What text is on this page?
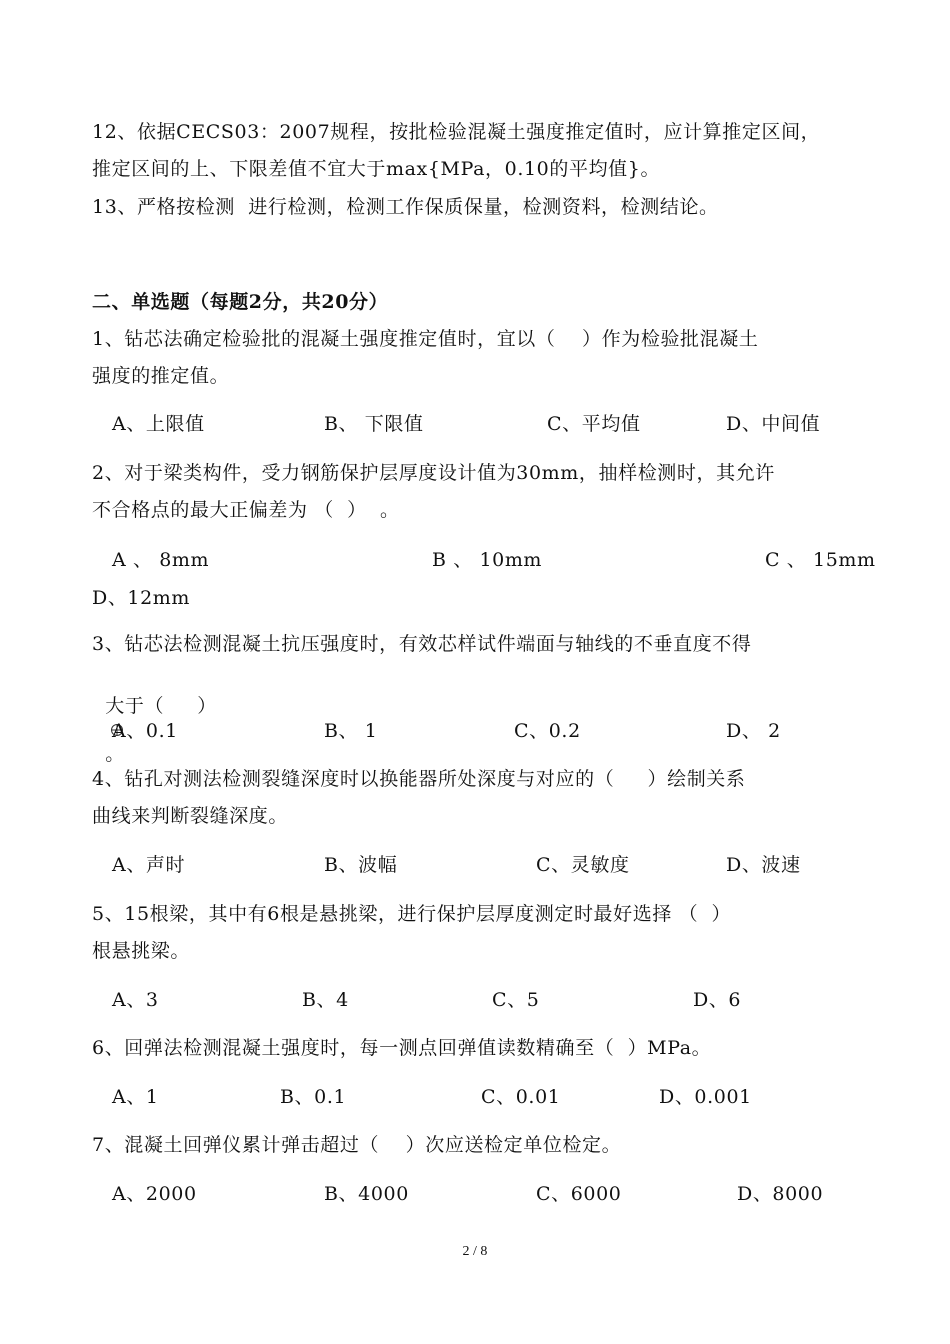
12、依据CECS03：2007规程，按批检验混凝土强度推定值时，应计算推定区间，
推定区间的上、下限差值不宜大于max{MPa，0.10的平均值}。
13、严格按检测  进行检测，检测工作保质保量，检测资料，检测结论。
二、单选题（每题2分，共20分）
1、钻芯法确定检验批的混凝土强度推定值时，宜以（    ）作为检验批混凝土
强度的推定值。
A、上限值	B、 下限值	C、平均值	D、中间值
2、对于梁类构件，受力钢筋保护层厚度设计值为30mm，抽样检测时，其允许
不合格点的最大正偏差为 （  ）  。
A 、 8mm	B 、 10mm	C 、 15mm
D、12mm
3、钻芯法检测混凝土抗压强度时，有效芯样试件端面与轴线的不垂直度不得

大于（     ）

。

A、0.1	B、 1	C、0.2	D、 2
4、钻孔对测法检测裂缝深度时以换能器所处深度与对应的（     ）绘制关系
曲线来判断裂缝深度。
A、声时	B、波幅	C、灵敏度	D、波速
5、15根梁，其中有6根是悬挑梁，进行保护层厚度测定时最好选择 （  ）
根悬挑梁。
A、3	B、4	C、5	D、6
6、回弹法检测混凝土强度时，每一测点回弹值读数精确至（  ）MPa。
A、1	B、0.1	C、0.01	D、0.001
7、混凝土回弹仪累计弹击超过（    ）次应送检定单位检定。
A、2000	B、4000	C、6000	D、8000
2 / 8
